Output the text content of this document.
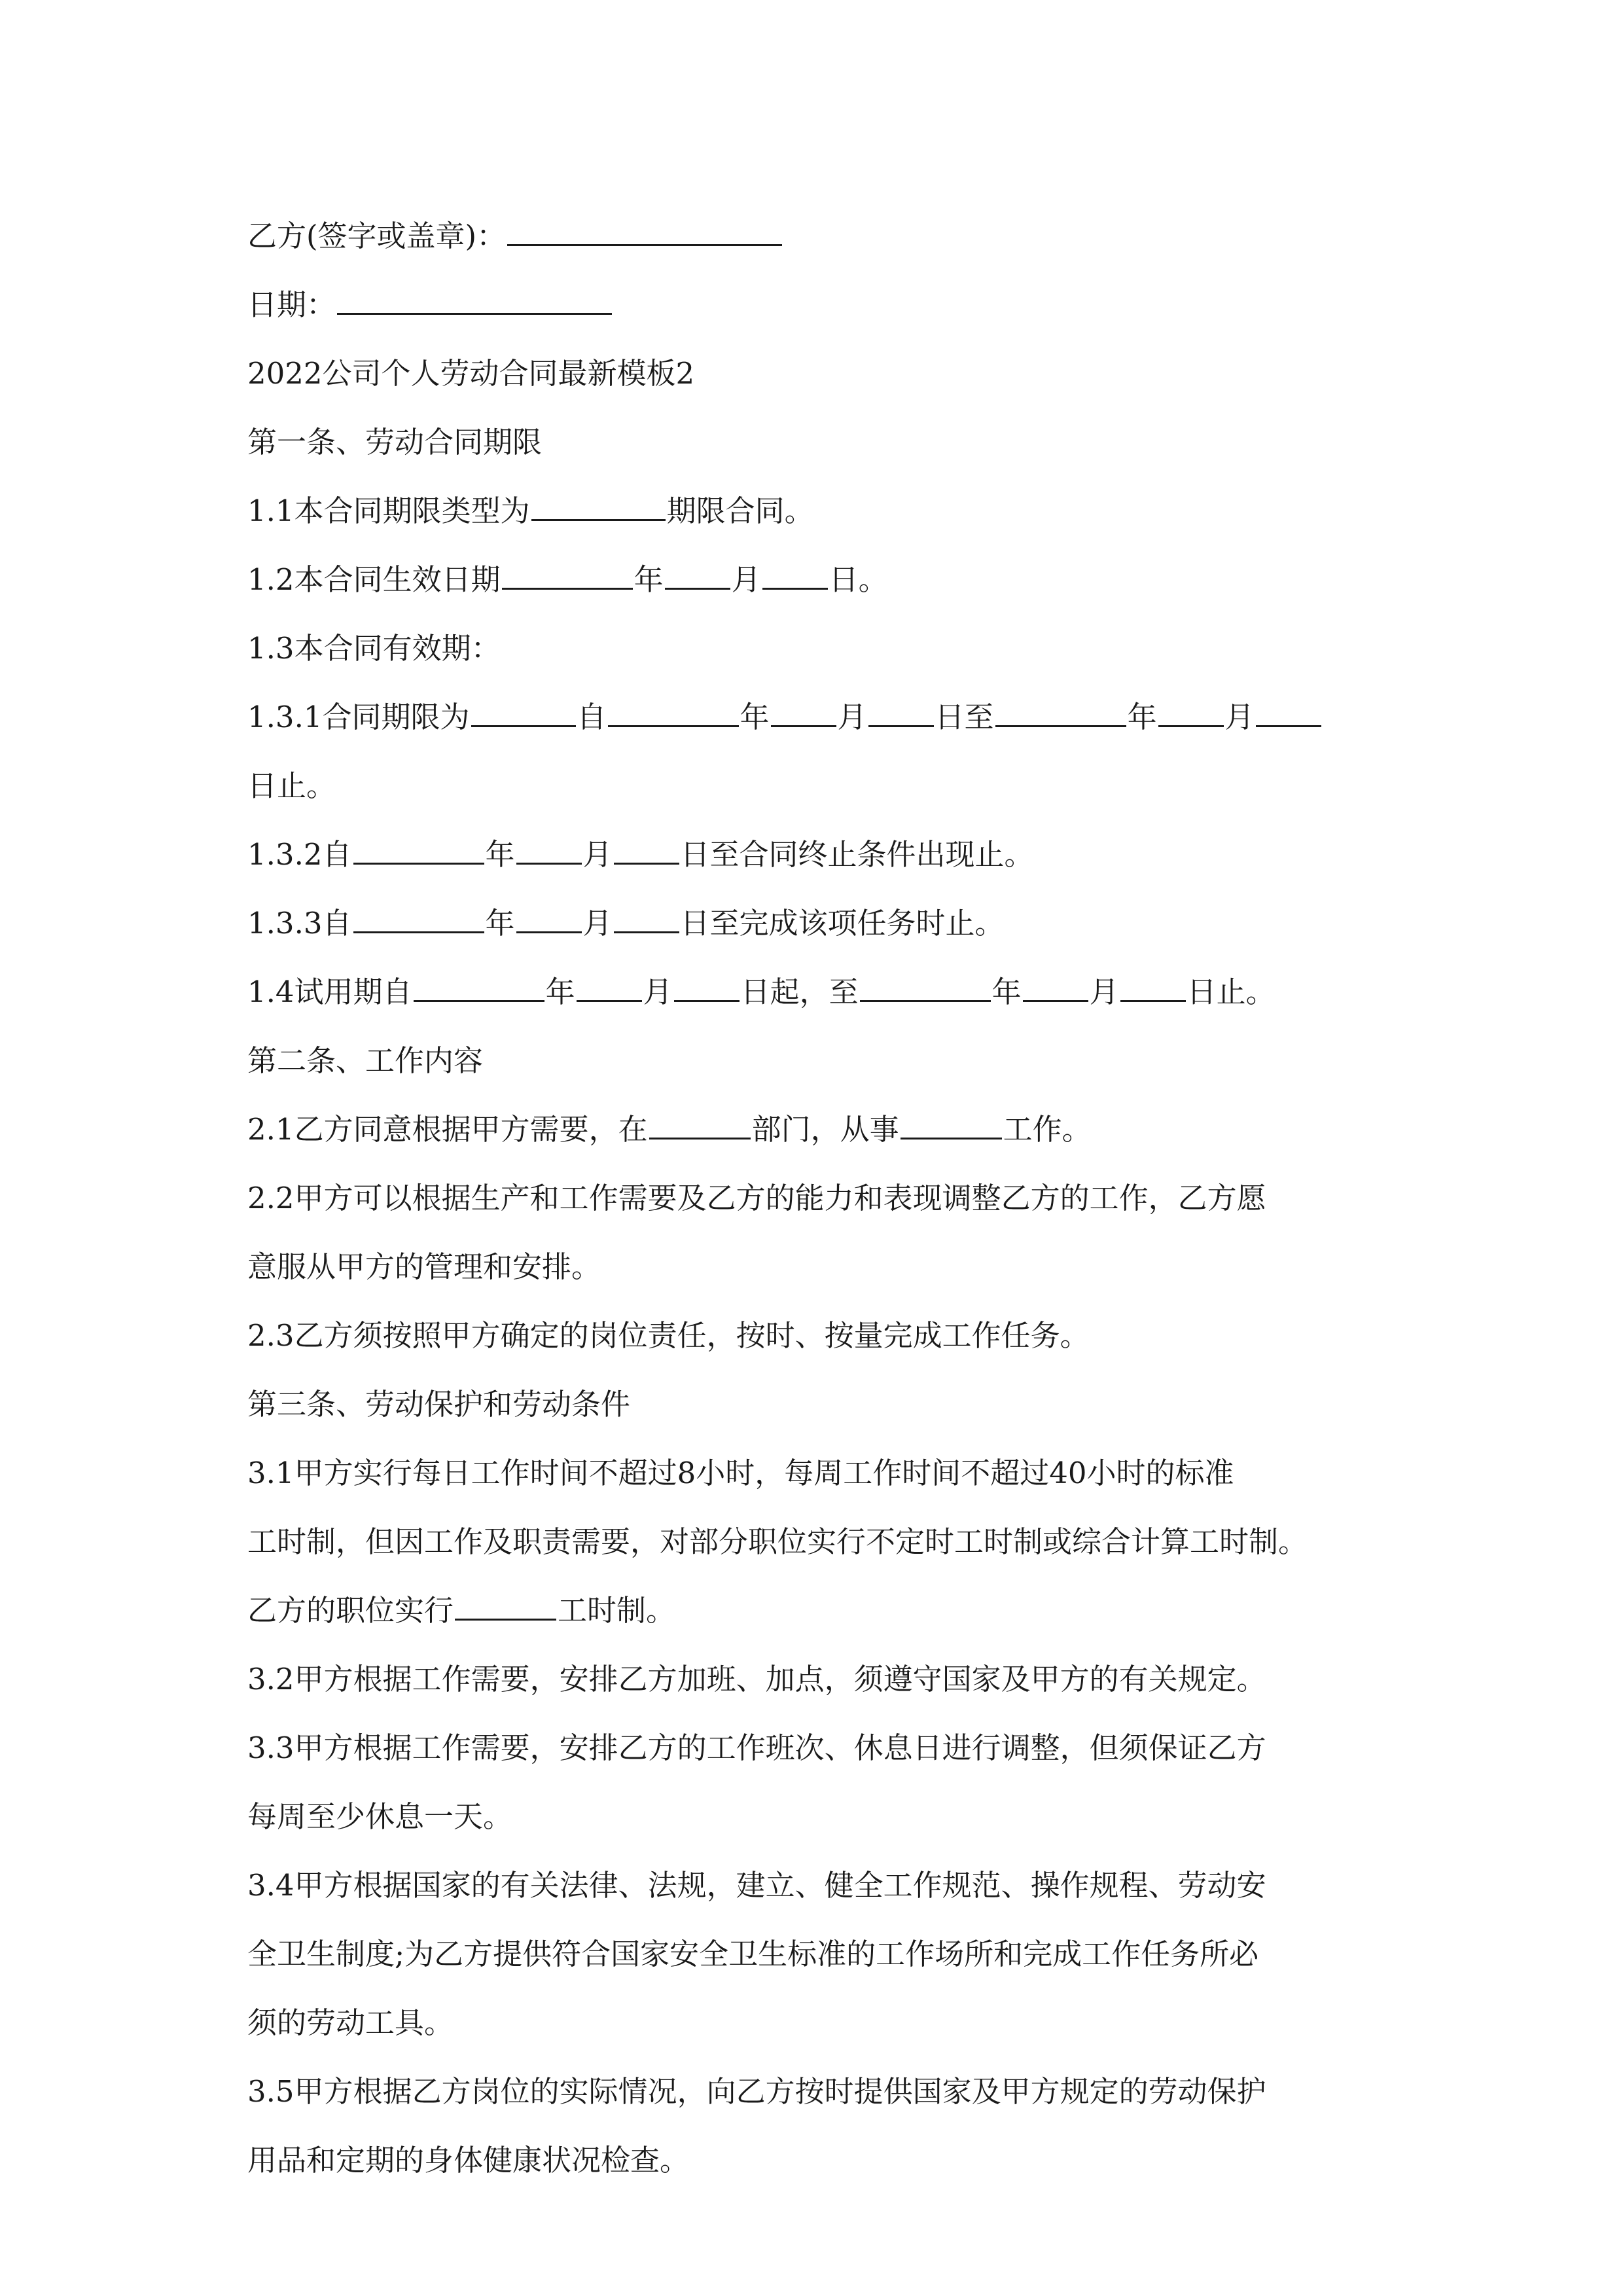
乙方(签字或盖章)：

日期：

2022公司个人劳动合同最新模板2

第一条、劳动合同期限

1.1本合同期限类型为	期限合同。

1.2本合同生效日期	年 月 日。

1.3本合同有效期：

1.3.1合同期限为	自	年 月 日至	年 月

日止。

1.3.2自	年 月 日至合同终止条件出现止。

1.3.3自	年 月 日至完成该项任务时止。

1.4试用期自	年 月 日起，至	年 月 日止。

第二条、工作内容

2.1乙方同意根据甲方需要，在	部门，从事	工作。

2.2甲方可以根据生产和工作需要及乙方的能力和表现调整乙方的工作，乙方愿

意服从甲方的管理和安排。

2.3乙方须按照甲方确定的岗位责任，按时、按量完成工作任务。

第三条、劳动保护和劳动条件

3.1甲方实行每日工作时间不超过8小时，每周工作时间不超过40小时的标准

工时制，但因工作及职责需要，对部分职位实行不定时工时制或综合计算工时制。

乙方的职位实行	工时制。

3.2甲方根据工作需要，安排乙方加班、加点，须遵守国家及甲方的有关规定。

3.3甲方根据工作需要，安排乙方的工作班次、休息日进行调整，但须保证乙方

每周至少休息一天。

3.4甲方根据国家的有关法律、法规，建立、健全工作规范、操作规程、劳动安

全卫生制度;为乙方提供符合国家安全卫生标准的工作场所和完成工作任务所必

须的劳动工具。

3.5甲方根据乙方岗位的实际情况，向乙方按时提供国家及甲方规定的劳动保护

用品和定期的身体健康状况检查。
